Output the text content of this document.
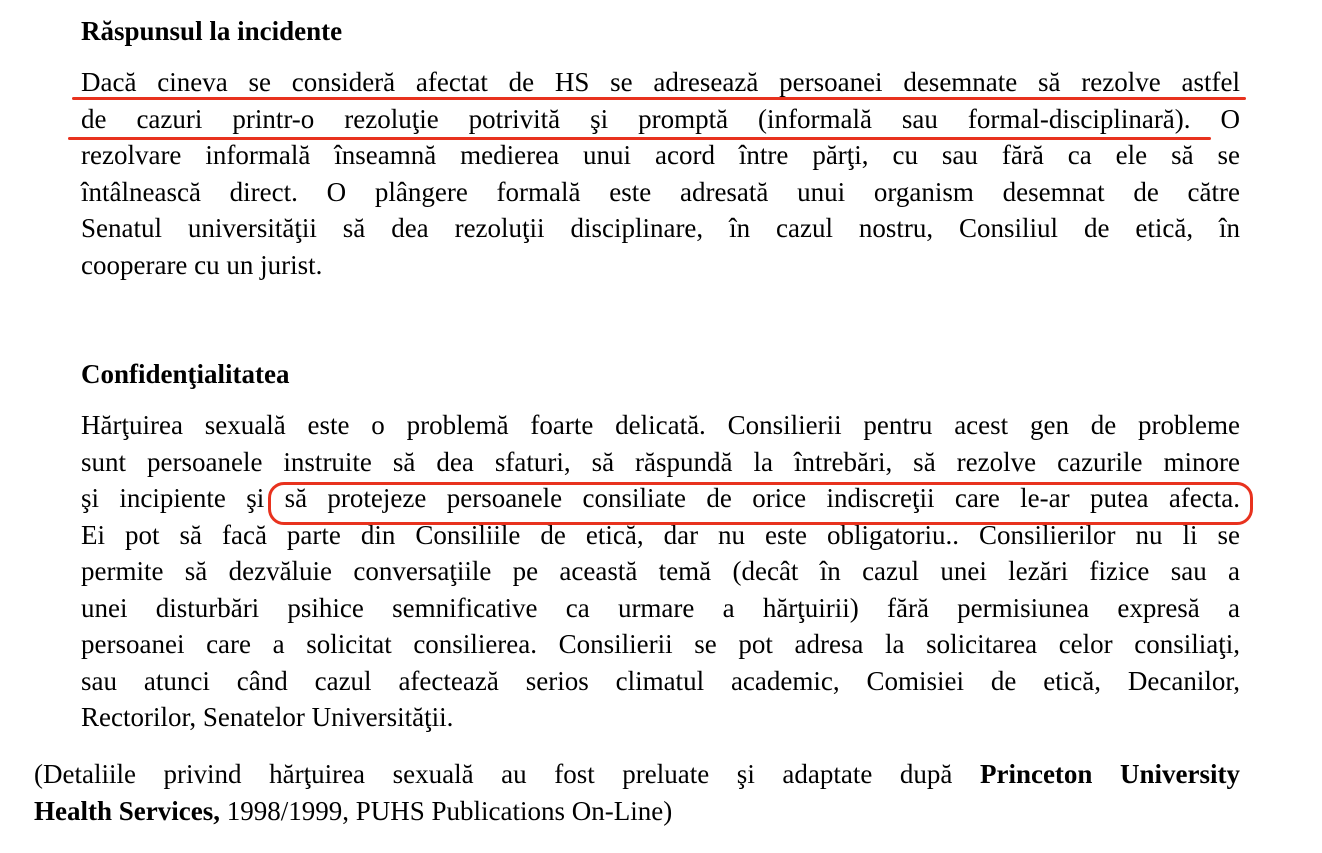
Răspunsul la incidente
Dacă cineva se consideră afectat de HS se adresează persoanei desemnate să rezolve astfel
de cazuri printr-o rezoluţie potrivită şi promptă (informală sau formal-disciplinară). O
rezolvare informală înseamnă medierea unui acord între părţi, cu sau fără ca ele să se
întâlnească direct. O plângere formală este adresată unui organism desemnat de către
Senatul universităţii să dea rezoluţii disciplinare, în cazul nostru, Consiliul de etică, în
cooperare cu un jurist.
Confidenţialitatea
Hărţuirea sexuală este o problemă foarte delicată. Consilierii pentru acest gen de probleme
sunt persoanele instruite să dea sfaturi, să răspundă la întrebări, să rezolve cazurile minore
şi incipiente şi să protejeze persoanele consiliate de orice indiscreţii care le-ar putea afecta.
Ei pot să facă parte din Consiliile de etică, dar nu este obligatoriu.. Consilierilor nu li se
permite să dezvăluie conversaţiile pe această temă (decât în cazul unei lezări fizice sau a
unei disturbări psihice semnificative ca urmare a hărţuirii) fără permisiunea expresă a
persoanei care a solicitat consilierea. Consilierii se pot adresa la solicitarea celor consiliaţi,
sau atunci când cazul afectează serios climatul academic, Comisiei de etică, Decanilor,
Rectorilor, Senatelor Universităţii.
(Detaliile privind hărţuirea sexuală au fost preluate şi adaptate după Princeton University
Health Services, 1998/1999, PUHS Publications On-Line)
